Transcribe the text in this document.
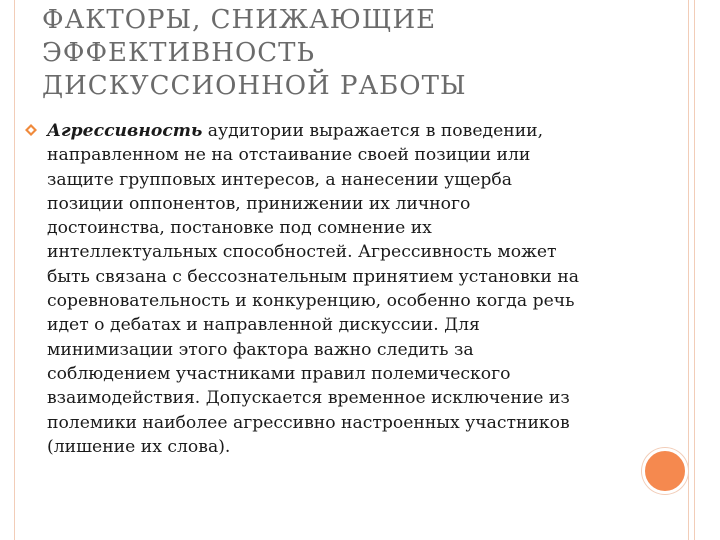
ФАКТОРЫ, СНИЖАЮЩИЕ
ЭФФЕКТИВНОСТЬ
ДИСКУССИОННОЙ РАБОТЫ
Агрессивность аудитории выражается в поведении,
направленном не на отстаивание своей позиции или
защите групповых интересов, а нанесении ущерба
позиции оппонентов, принижении их личного
достоинства, постановке под сомнение их
интеллектуальных способностей. Агрессивность может
быть связана с бессознательным принятием установки на
соревновательность и конкуренцию, особенно когда речь
идет о дебатах и направленной дискуссии. Для
минимизации этого фактора важно следить за
соблюдением участниками правил полемического
взаимодействия. Допускается временное исключение из
полемики наиболее агрессивно настроенных участников
(лишение их слова).
